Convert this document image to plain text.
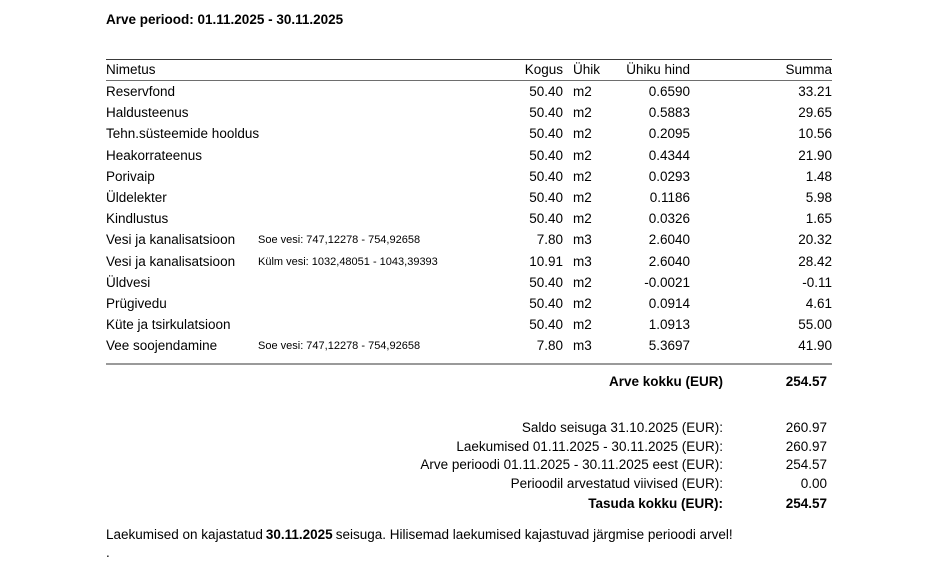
Arve periood: 01.11.2025 - 30.11.2025
Nimetus	Kogus Ühik	Ühiku hind	Summa
Reservfond	50.40 m2	0.6590	33.21
Haldusteenus	50.40 m2	0.5883	29.65
Tehn.süsteemide hooldus	50.40 m2	0.2095	10.56
Heakorrateenus	50.40 m2	0.4344	21.90
Porivaip	50.40 m2	0.0293	1.48
Üldelekter	50.40 m2	0.1186	5.98
Kindlustus	50.40 m2	0.0326	1.65
Vesi ja kanalisatsioon Soe vesi: 747,12278 - 754,92658	7.80 m3	2.6040	20.32
Vesi ja kanalisatsioon Külm vesi: 1032,48051 - 1043,39393	10.91 m3	2.6040	28.42
Üldvesi	50.40 m2	-0.0021	-0.11
Prügivedu	50.40 m2	0.0914	4.61
Küte ja tsirkulatsioon	50.40 m2	1.0913	55.00
Vee soojendamine	Soe vesi: 747,12278 - 754,92658	7.80 m3	5.3697	41.90
Arve kokku (EUR)	254.57
Saldo seisuga 31.10.2025 (EUR):	260.97
Laekumised 01.11.2025 - 30.11.2025 (EUR):	260.97
Arve perioodi 01.11.2025 - 30.11.2025 eest (EUR):	254.57
Perioodil arvestatud viivised (EUR):	0.00
Tasuda kokku (EUR):	254.57
Laekumised on kajastatud 30.11.2025 seisuga. Hilisemad laekumised kajastuvad järgmise perioodi arvel!
.
